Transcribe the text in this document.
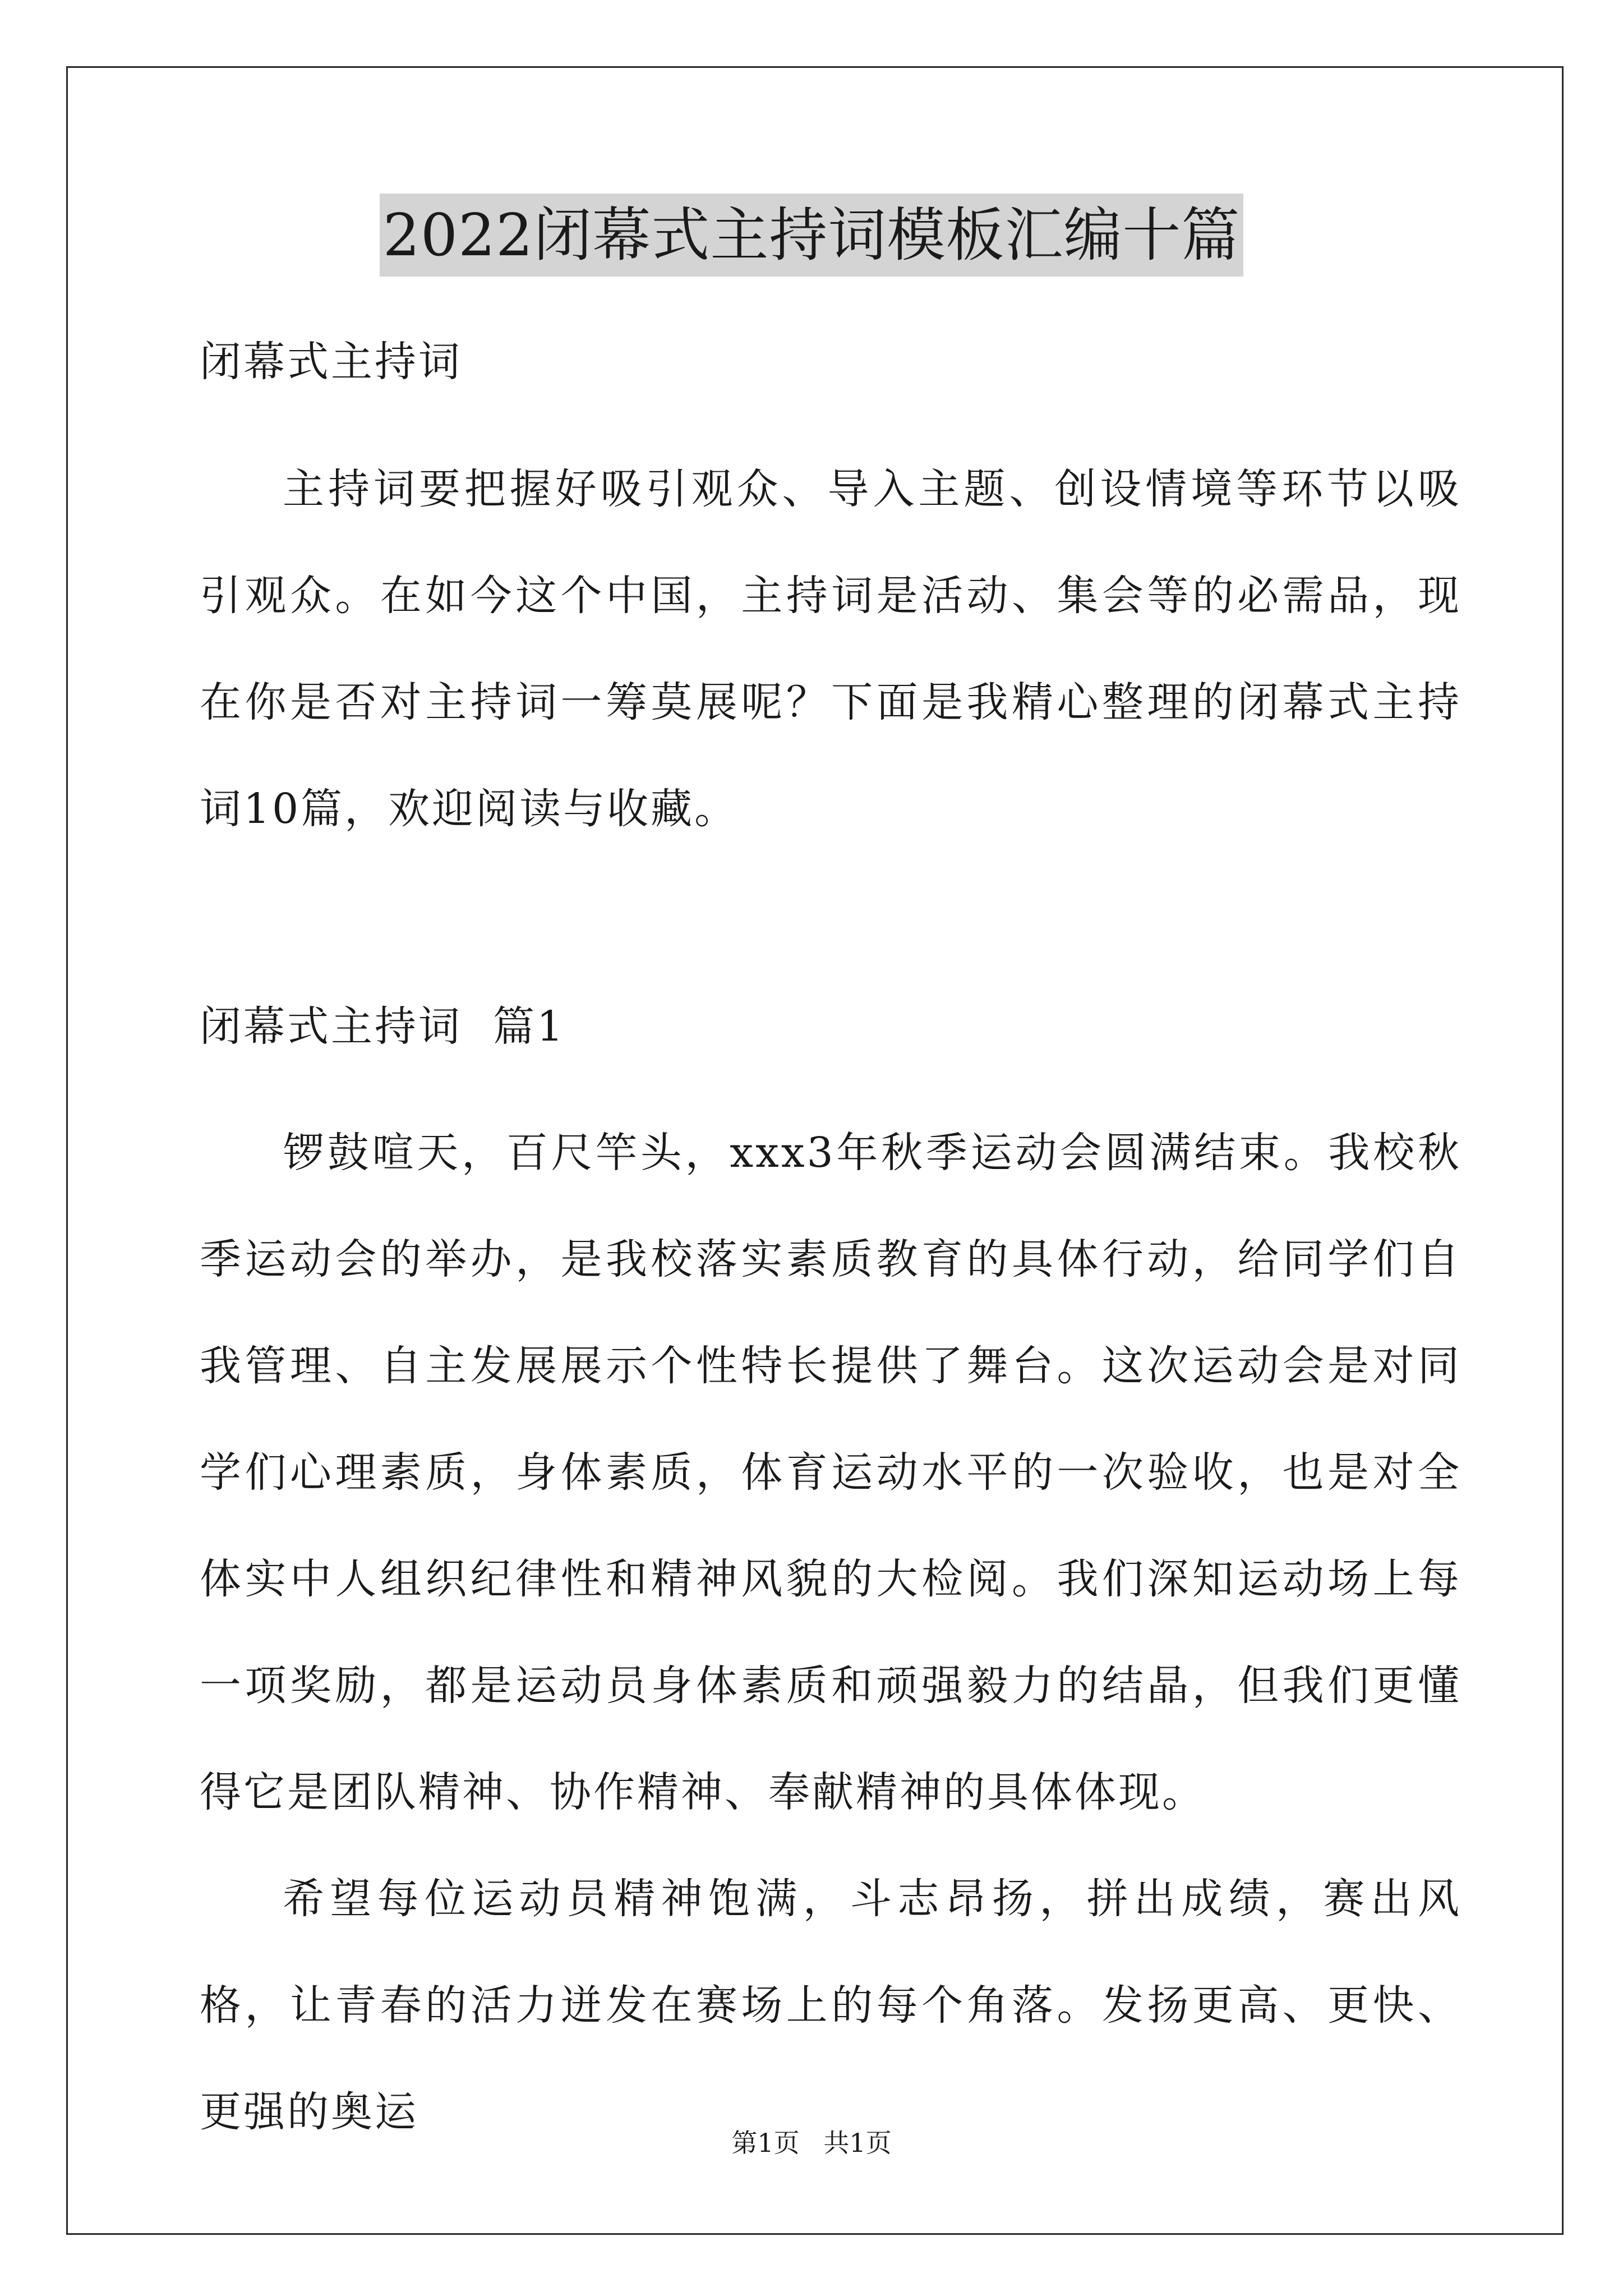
2022闭幕式主持词模板汇编十篇
闭幕式主持词

主持词要把握好吸引观众、导入主题、创设情境等环节以吸引观众。在如今这个中国，主持词是活动、集会等的必需品，现在你是否对主持词一筹莫展呢？下面是我精心整理的闭幕式主持词10篇，欢迎阅读与收藏。

闭幕式主持词  篇1

锣鼓喧天，百尺竿头，xxx3年秋季运动会圆满结束。我校秋季运动会的举办，是我校落实素质教育的具体行动，给同学们自我管理、自主发展展示个性特长提供了舞台。这次运动会是对同学们心理素质，身体素质，体育运动水平的一次验收，也是对全体实中人组织纪律性和精神风貌的大检阅。我们深知运动场上每一项奖励，都是运动员身体素质和顽强毅力的结晶，但我们更懂得它是团队精神、协作精神、奉献精神的具体体现。

希望每位运动员精神饱满，斗志昂扬，拼出成绩，赛出风格，让青春的活力迸发在赛场上的每个角落。发扬更高、更快、更强的奥运

第1页 共1页
